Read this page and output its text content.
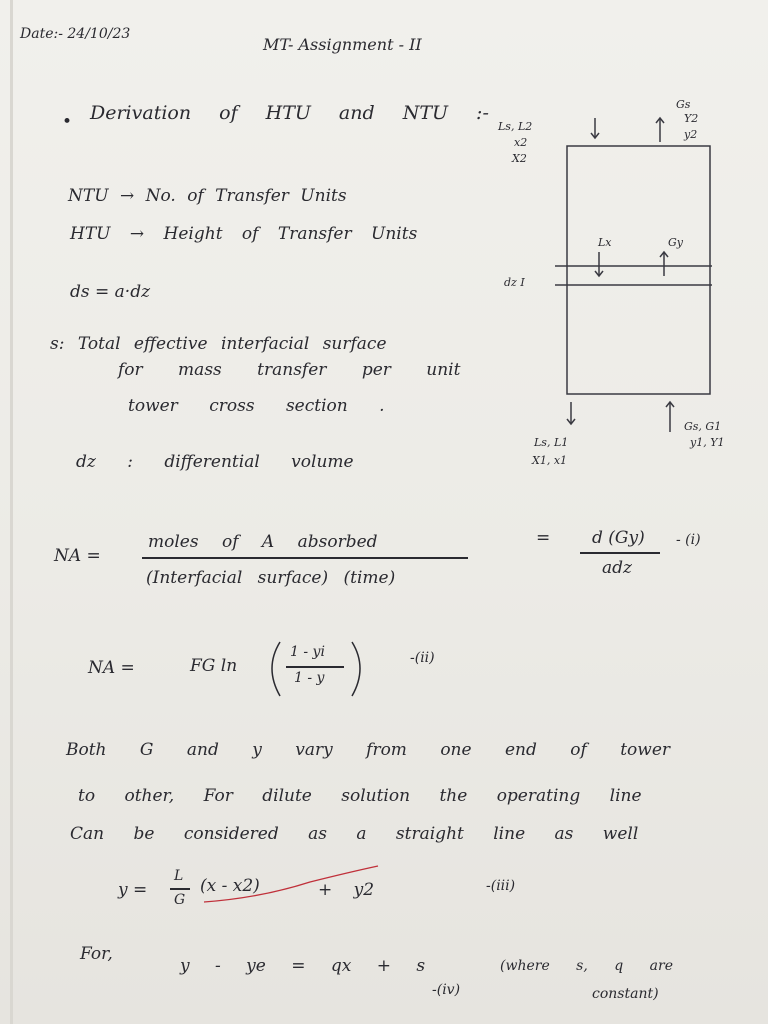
Date:- 24/10/23
MT- Assignment - II
• Derivation of HTU and NTU :-
NTU → No. of Transfer Units
HTU → Height of Transfer Units
ds = a·dz
s: Total effective interfacial surface
for mass transfer per unit
tower cross section .
dz : differential volume
Ls, L2
x2
X2
Gs
Y2
y2
Lx	Gy
dz I
Ls, L1
X1, x1
Gs, G1
y1, Y1
NA =
moles of A absorbed
(Interfacial surface) (time)
= d (Gy)
adz
- (i)
NA =	FG ln
1 - yi
1 - y
-(ii)
Both G and y vary from one end of tower
to other, For dilute solution the operating line
Can be considered as a straight line as well
y =
L
G
(x - x2)	+ y2	-(iii)
For,
y - ye = qx + s	(where s, q are
constant)
-(iv)
